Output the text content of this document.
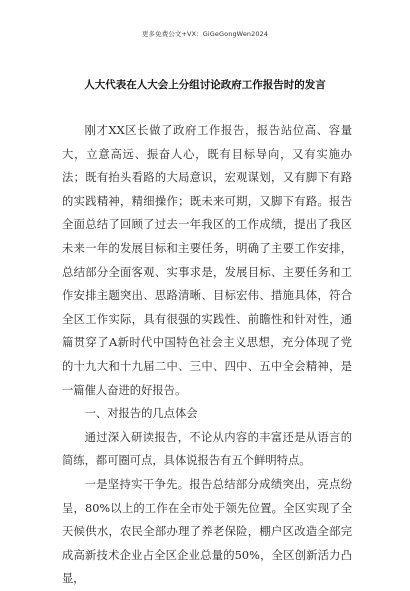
更多免费公文+VX：GiGeGongWen2024
人大代表在人大会上分组讨论政府工作报告时的发言

刚才XX区长做了政府工作报告，报告站位高、容量大，立意高远、振奋人心，既有目标导向，又有实施办法；既有抬头看路的大局意识，宏观谋划，又有脚下有路的实践精神，精细操作；既未来可期，又脚下有路。报告全面总结了回顾了过去一年我区的工作成绩，提出了我区未来一年的发展目标和主要任务，明确了主要工作安排，总结部分全面客观、实事求是，发展目标、主要任务和工作安排主题突出、思路清晰、目标宏伟、措施具体，符合全区工作实际，具有很强的实践性、前瞻性和针对性，通篇贯穿了A新时代中国特色社会主义思想，充分体现了党的十九大和十九届二中、三中、四中、五中全会精神，是一篇催人奋进的好报告。

一、对报告的几点体会

通过深入研读报告，不论从内容的丰富还是从语言的简练，都可圈可点，具体说报告有五个鲜明特点。

一是坚持实干争先。报告总结部分成绩突出，亮点纷呈，80%以上的工作在全市处于领先位置。全区实现了全天候供水，农民全部办理了养老保险，棚户区改造全部完成高新技术企业占全区企业总量的50%，全区创新活力凸显，
